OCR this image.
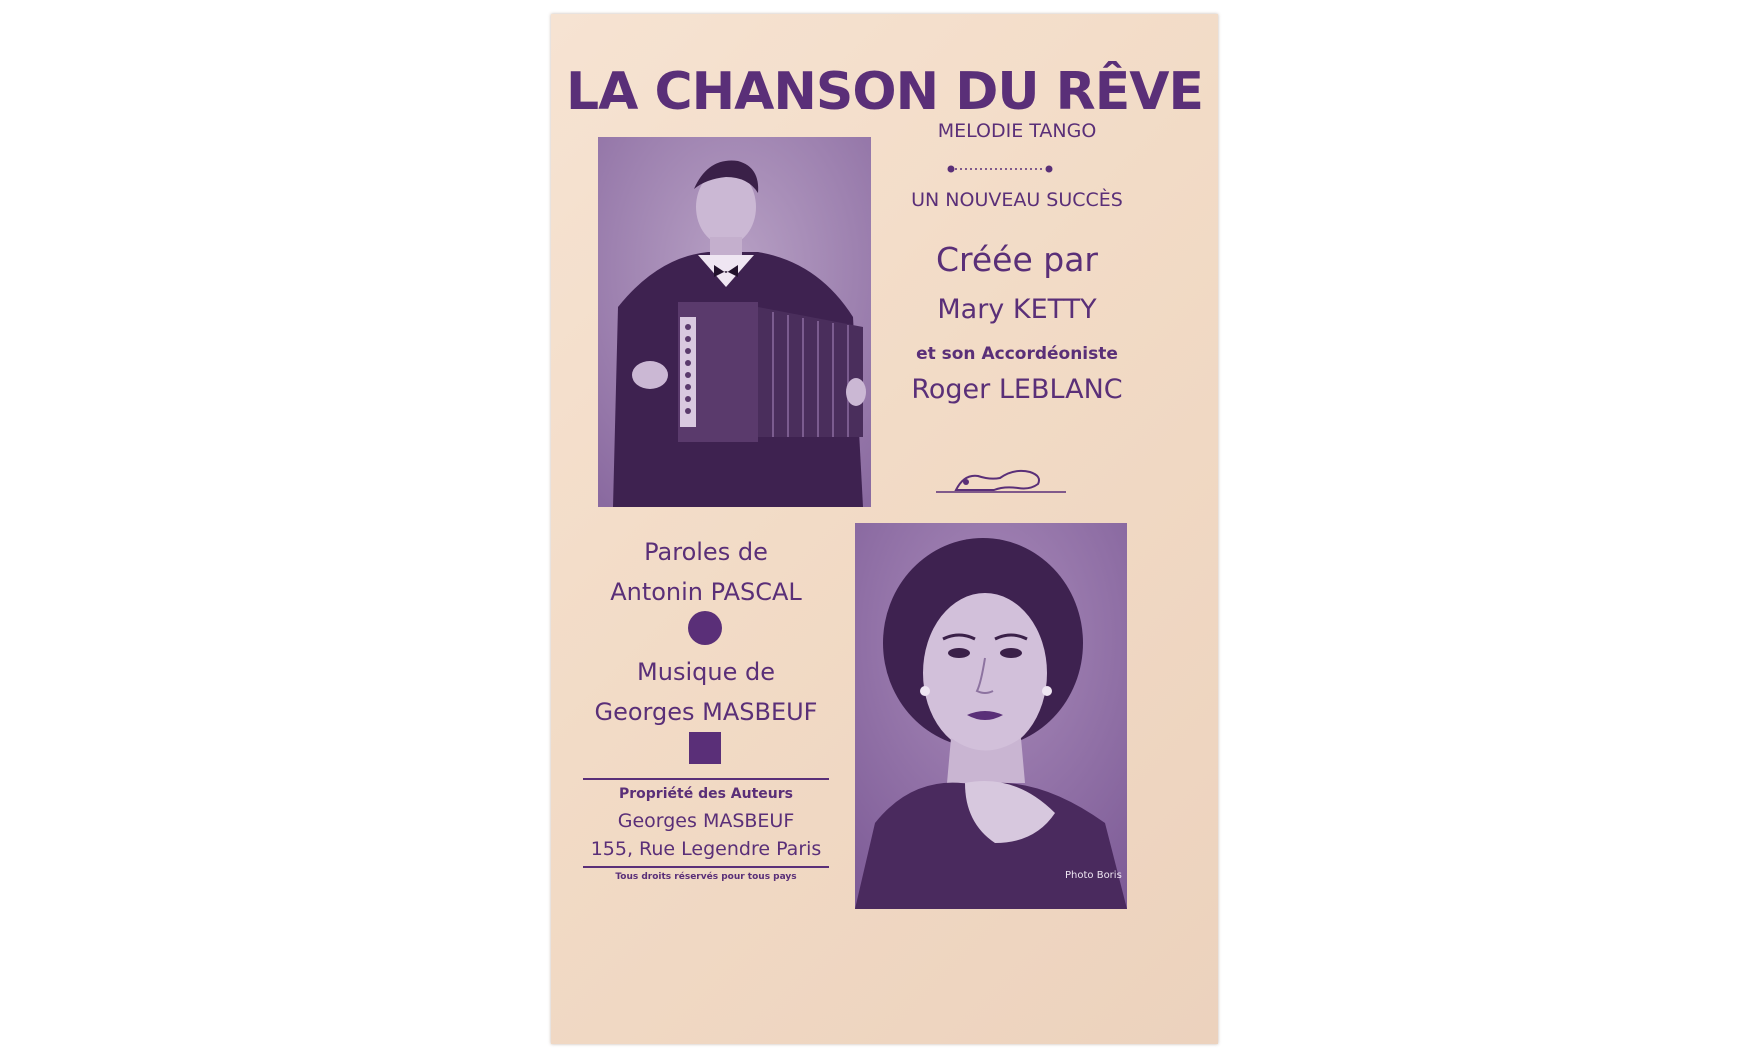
LA CHANSON DU RÊVE
MELODIE TANGO
UN NOUVEAU SUCCÈS
Créée par
Mary KETTY
et son Accordéoniste
Roger LEBLANC
Paroles de
Antonin PASCAL
Musique de
Georges MASBEUF
Propriété des Auteurs
Georges MASBEUF
155, Rue Legendre Paris
Tous droits réservés pour tous pays	Photo Boris
